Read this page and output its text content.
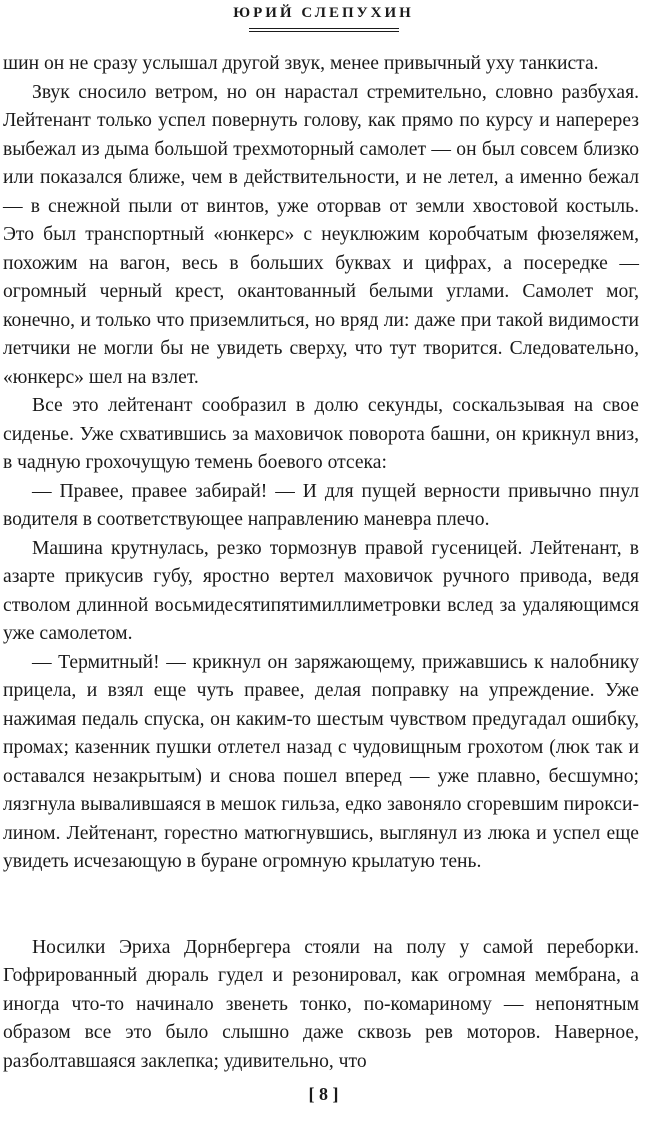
ЮРИЙ СЛЕПУХИН

шин он не сразу услышал другой звук, менее привычный уху танкиста.

Звук сносило ветром, но он нарастал стремительно, словно разбухая. Лейтенант только успел повернуть голову, как прямо по курсу и наперерез выбежал из дыма большой трехмоторный самолет — он был совсем близко или показался ближе, чем в действительности, и не летел, а именно бежал — в снежной пыли от винтов, уже оторвав от земли хвостовой костыль. Это был транспортный «юнкерс» с неуклюжим коробчатым фюзеляжем, похожим на вагон, весь в больших буквах и цифрах, а посередке — огромный черный крест, окантованный белыми углами. Самолет мог, конечно, и только что приземлиться, но вряд ли: даже при такой видимости летчики не могли бы не увидеть сверху, что тут творится. Следовательно, «юнкерс» шел на взлет.

Все это лейтенант сообразил в долю секунды, соскальзывая на свое сиденье. Уже схватившись за маховичок поворота башни, он крикнул вниз, в чадную грохочущую темень боевого отсека:

— Правее, правее забирай! — И для пущей верности привычно пнул водителя в соответствующее направлению маневра плечо.

Машина крутнулась, резко тормознув правой гусеницей. Лейтенант, в азарте прикусив губу, яростно вертел маховичок ручного привода, ведя стволом длинной восьмидесятипятимиллиметровки вслед за удаляющимся уже самолетом.

— Термитный! — крикнул он заряжающему, прижавшись к налобнику прицела, и взял еще чуть правее, делая поправку на упреждение. Уже нажимая педаль спуска, он каким-то шестым чувством предугадал ошибку, промах; казенник пушки отлетел назад с чудовищным грохотом (люк так и оставался незакрытым) и снова пошел вперед — уже плавно, бесшумно; лязгнула вывалившаяся в мешок гильза, едко завоняло сгоревшим пироксилином. Лейтенант, горестно матюгнувшись, выглянул из люка и успел еще увидеть исчезающую в буране огромную крылатую тень.

Носилки Эриха Дорнбергера стояли на полу у самой переборки. Гофрированный дюраль гудел и резонировал, как огромная мембрана, а иногда что-то начинало звенеть тонко, по-комариному — непонятным образом все это было слышно даже сквозь рев моторов. Наверное, разболтавшаяся заклепка; удивительно, что

[ 8 ]
